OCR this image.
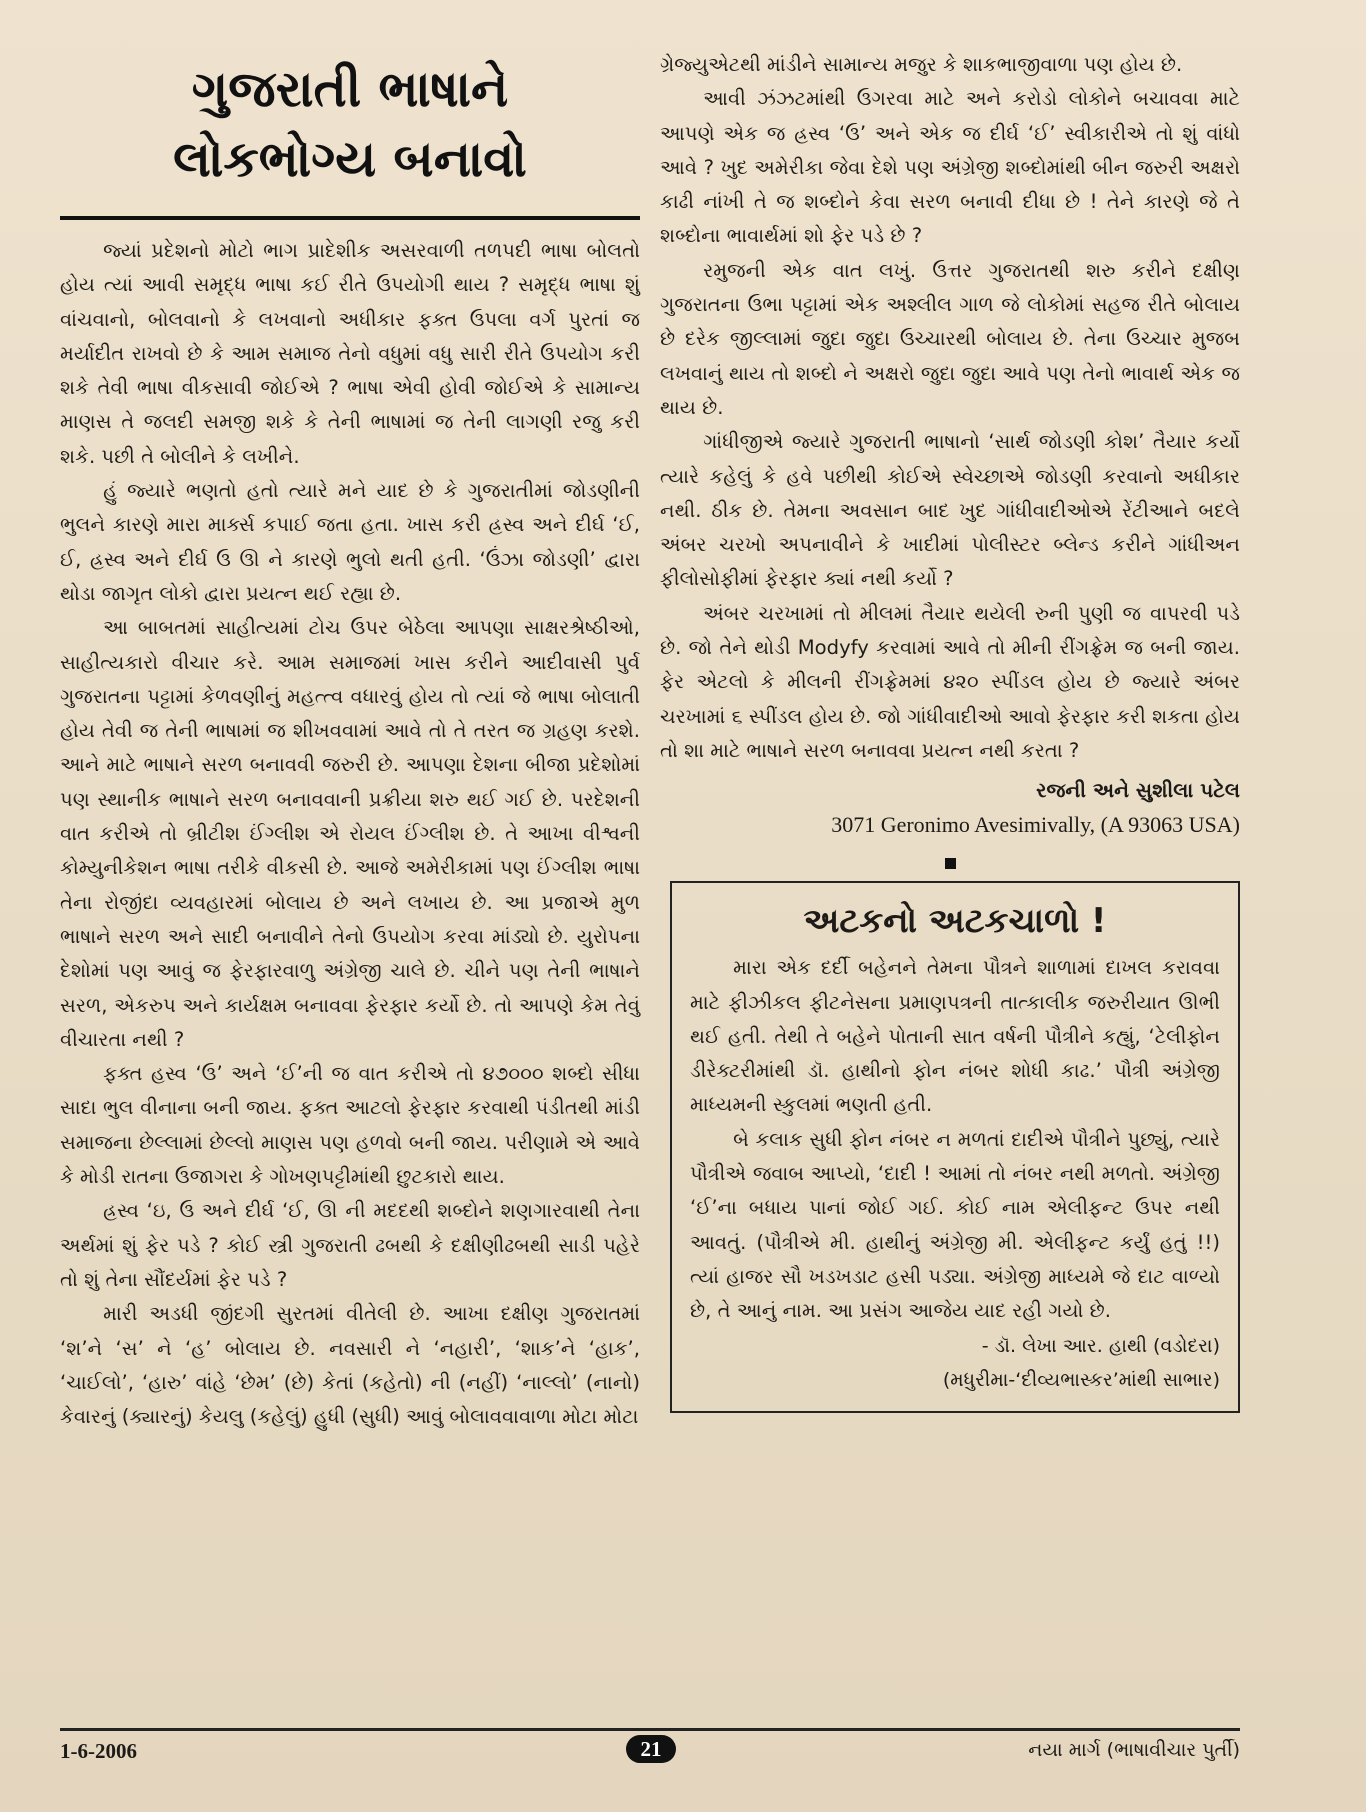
ગુજરાતી ભાષાને
લોકભોગ્ય બનાવો

જ્યાં પ્રદેશનો મોટો ભાગ પ્રાદેશીક અસરવાળી તળપદી ભાષા બોલતો હોય ત્યાં આવી સમૃદ્ધ ભાષા કઈ રીતે ઉપયોગી થાય ? સમૃદ્ધ ભાષા શું વાંચવાનો, બોલવાનો કે લખવાનો અધીકાર ફક્ત ઉપલા વર્ગ પુરતાં જ મર્યાદીત રાખવો છે કે આમ સમાજ તેનો વધુમાં વધુ સારી રીતે ઉપયોગ કરી શકે તેવી ભાષા વીકસાવી જોઈએ ? ભાષા એવી હોવી જોઈએ કે સામાન્ય માણસ તે જલદી સમજી શકે કે તેની ભાષામાં જ તેની લાગણી રજુ કરી શકે. પછી તે બોલીને કે લખીને.

હું જ્યારે ભણતો હતો ત્યારે મને યાદ છે કે ગુજરાતીમાં જોડણીની ભુલને કારણે મારા માર્ક્સ કપાઈ જતા હતા. ખાસ કરી હ્રસ્વ અને દીર્ઘ ‘ઈ, ઈ, હ્રસ્વ અને દીર્ઘ ઉ ઊ ને કારણે ભુલો થતી હતી. ‘ઉંઝા જોડણી’ દ્વારા થોડા જાગૃત લોકો દ્વારા પ્રયત્ન થઈ રહ્યા છે.

આ બાબતમાં સાહીત્યમાં ટોચ ઉપર બેઠેલા આપણા સાક્ષરશ્રેષ્ઠીઓ, સાહીત્યકારો વીચાર કરે. આમ સમાજમાં ખાસ કરીને આદીવાસી પુર્વ ગુજરાતના પટ્ટામાં કેળવણીનું મહત્ત્વ વધારવું હોય તો ત્યાં જે ભાષા બોલાતી હોય તેવી જ તેની ભાષામાં જ શીખવવામાં આવે તો તે તરત જ ગ્રહણ કરશે. આને માટે ભાષાને સરળ બનાવવી જરુરી છે. આપણા દેશના બીજા પ્રદેશોમાં પણ સ્થાનીક ભાષાને સરળ બનાવવાની પ્રક્રીયા શરુ થઈ ગઈ છે. પરદેશની વાત કરીએ તો બ્રીટીશ ઈંગ્લીશ એ રોયલ ઈંગ્લીશ છે. તે આખા વીશ્વની કોમ્યુનીકેશન ભાષા તરીકે વીકસી છે. આજે અમેરીકામાં પણ ઈંગ્લીશ ભાષા તેના રોજીંદા વ્યવહારમાં બોલાય છે અને લખાય છે. આ પ્રજાએ મુળ ભાષાને સરળ અને સાદી બનાવીને તેનો ઉપયોગ કરવા માંડ્યો છે. યુરોપના દેશોમાં પણ આવું જ ફેરફારવાળુ અંગ્રેજી ચાલે છે. ચીને પણ તેની ભાષાને સરળ, એકરુપ અને કાર્યક્ષમ બનાવવા ફેરફાર કર્યો છે. તો આપણે કેમ તેવું વીચારતા નથી ?

ફક્ત હસ્વ ‘ઉ’ અને ‘ઈ’ની જ વાત કરીએ તો ૪૭૦૦૦ શબ્દો સીધા સાદા ભુલ વીનાના બની જાય. ફક્ત આટલો ફેરફાર કરવાથી પંડીતથી માંડી સમાજના છેલ્લામાં છેલ્લો માણસ પણ હળવો બની જાય. પરીણામે એ આવે કે મોડી રાતના ઉજાગરા કે ગોખણપટ્ટીમાંથી છુટકારો થાય.

હ્રસ્વ ‘ઇ, ઉ અને દીર્ઘ ‘ઈ, ઊ ની મદદથી શબ્દોને શણગારવાથી તેના અર્થમાં શું ફેર પડે ? કોઈ સ્ત્રી ગુજરાતી ઢબથી કે દક્ષીણીઢબથી સાડી પહેરે તો શું તેના સૌંદર્યમાં ફેર પડે ?

મારી અડધી જીંદગી સુરતમાં વીતેલી છે. આખા દક્ષીણ ગુજરાતમાં ‘શ’ને ‘સ’ ને ‘હ’ બોલાય છે. નવસારી ને ‘નહારી’, ‘શાક’ને ‘હાક’, ‘ચાઈલો’, ‘હારુ’ વાંહે ‘છેમ’ (છે) કેતાં (કહેતો) ની (નહીં) ‘નાલ્લો’ (નાનો) કેવારનું (ક્યારનું) કેયલુ (કહેલું) હુધી (સુધી) આવું બોલાવવાવાળા મોટા મોટા

ગ્રેજ્યુએટથી માંડીને સામાન્ય મજુર કે શાકભાજીવાળા પણ હોય છે.

આવી ઝંઝટમાંથી ઉગરવા માટે અને કરોડો લોકોને બચાવવા માટે આપણે એક જ હ્રસ્વ ‘ઉ’ અને એક જ દીર્ઘ ‘ઈ’ સ્વીકારીએ તો શું વાંધો આવે ? ખુદ અમેરીકા જેવા દેશે પણ અંગ્રેજી શબ્દોમાંથી બીન જરુરી અક્ષરો કાઢી નાંખી તે જ શબ્દોને કેવા સરળ બનાવી દીધા છે ! તેને કારણે જે તે શબ્દોના ભાવાર્થમાં શો ફેર પડે છે ?

રમુજની એક વાત લખું. ઉત્તર ગુજરાતથી શરુ કરીને દક્ષીણ ગુજરાતના ઉભા પટ્ટામાં એક અશ્લીલ ગાળ જે લોકોમાં સહજ રીતે બોલાય છે દરેક જીલ્લામાં જુદા જુદા ઉચ્ચારથી બોલાય છે. તેના ઉચ્ચાર મુજબ લખવાનું થાય તો શબ્દો ને અક્ષરો જુદા જુદા આવે પણ તેનો ભાવાર્થ એક જ થાય છે.

ગાંધીજીએ જ્યારે ગુજરાતી ભાષાનો ‘સાર્થ જોડણી કોશ’ તૈયાર કર્યો ત્યારે કહેલું કે હવે પછીથી કોઈએ સ્વેચ્છાએ જોડણી કરવાનો અધીકાર નથી. ઠીક છે. તેમના અવસાન બાદ ખુદ ગાંધીવાદીઓએ રેંટીઆને બદલે અંબર ચરખો અપનાવીને કે ખાદીમાં પોલીસ્ટર બ્લેન્ડ કરીને ગાંધીઅન ફીલોસોફીમાં ફેરફાર ક્યાં નથી કર્યો ?

અંબર ચરખામાં તો મીલમાં તૈયાર થયેલી રુની પુણી જ વાપરવી પડે છે. જો તેને થોડી Modyfy કરવામાં આવે તો મીની રીંગફ્રેમ જ બની જાય. ફેર એટલો કે મીલની રીંગફ્રેમમાં ૪૨૦ સ્પીંડલ હોય છે જ્યારે અંબર ચરખામાં ૬ સ્પીંડલ હોય છે. જો ગાંધીવાદીઓ આવો ફેરફાર કરી શકતા હોય તો શા માટે ભાષાને સરળ બનાવવા પ્રયત્ન નથી કરતા ?

રજની અને સુશીલા પટેલ
3071 Geronimo Avesimivally, (A 93063 USA)
અટકનો અટકચાળો !

મારા એક દર્દી બહેનને તેમના પૌત્રને શાળામાં દાખલ કરાવવા માટે ફીઝીકલ ફીટનેસના પ્રમાણપત્રની તાત્કાલીક જરુરીયાત ઊભી થઈ હતી. તેથી તે બહેને પોતાની સાત વર્ષની પૌત્રીને કહ્યું, ‘ટેલીફોન ડીરેક્ટરીમાંથી ડૉ. હાથીનો ફોન નંબર શોધી કાઢ.’ પૌત્રી અંગ્રેજી માધ્યમની સ્કુલમાં ભણતી હતી.

બે કલાક સુધી ફોન નંબર ન મળતાં દાદીએ પૌત્રીને પુછ્યું, ત્યારે પૌત્રીએ જવાબ આપ્યો, ‘દાદી ! આમાં તો નંબર નથી મળતો. અંગ્રેજી ‘ઈ’ના બધાય પાનાં જોઈ ગઈ. કોઈ નામ એલીફન્ટ ઉપર નથી આવતું. (પૌત્રીએ મી. હાથીનું અંગ્રેજી મી. એલીફન્ટ કર્યું હતું !!) ત્યાં હાજર સૌ ખડખડાટ હસી પડ્યા. અંગ્રેજી માધ્યમે જે દાટ વાળ્યો છે, તે આનું નામ. આ પ્રસંગ આજેય યાદ રહી ગયો છે.

- ડૉ. લેખા આર. હાથી (વડોદરા)
(મધુરીમા-‘દીવ્યભાસ્કર’માંથી સાભાર)
1-6-2006	21	નયા માર્ગ (ભાષાવીચાર પુર્તી)
